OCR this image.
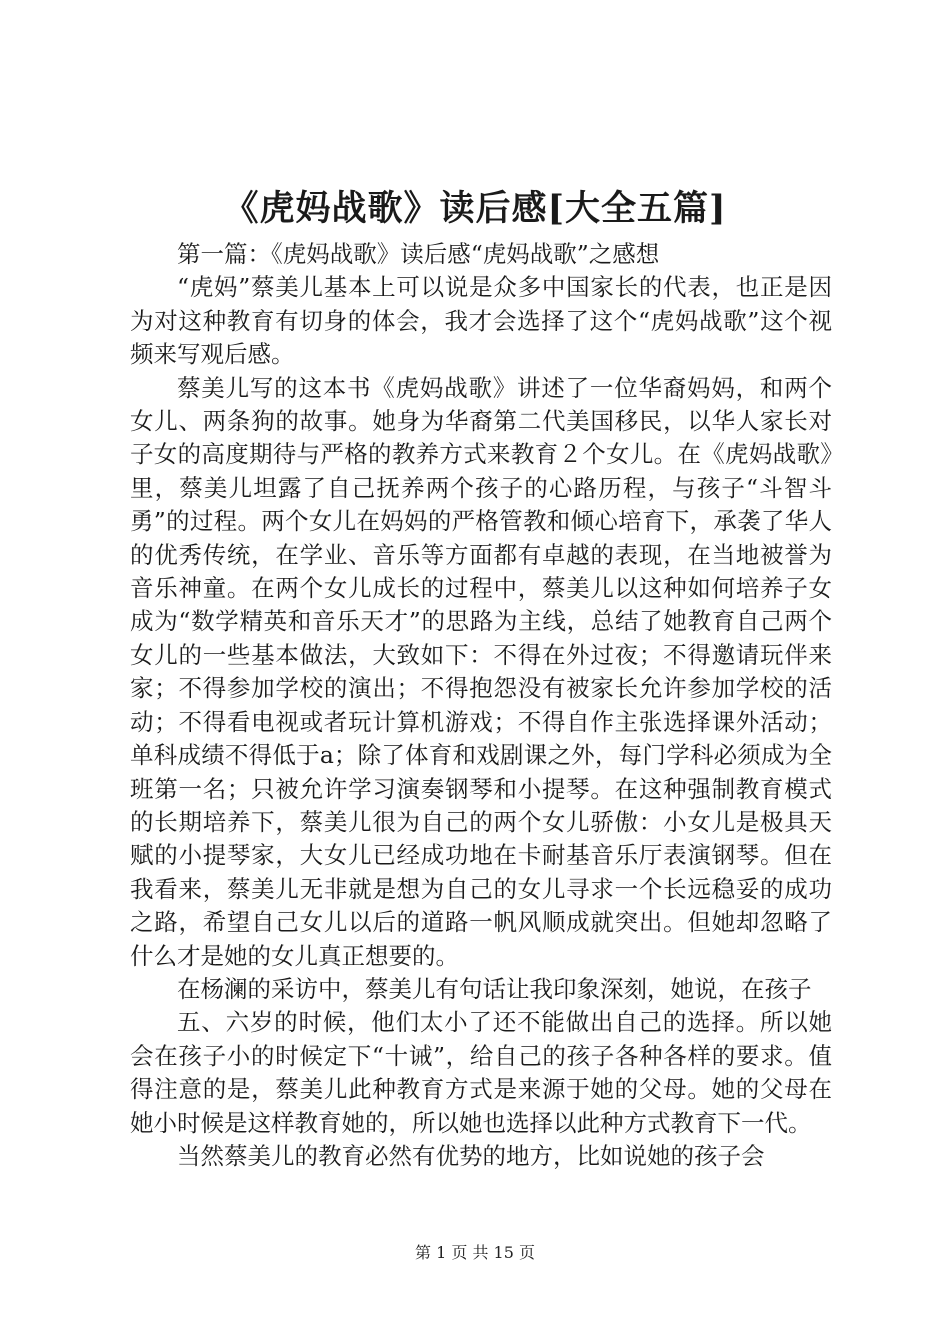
《虎妈战歌》读后感[大全五篇]

第一篇：《虎妈战歌》读后感“虎妈战歌”之感想

“虎妈”蔡美儿基本上可以说是众多中国家长的代表，也正是因为对这种教育有切身的体会，我才会选择了这个“虎妈战歌”这个视频来写观后感。

蔡美儿写的这本书《虎妈战歌》讲述了一位华裔妈妈，和两个女儿、两条狗的故事。她身为华裔第二代美国移民，以华人家长对子女的高度期待与严格的教养方式来教育２个女儿。在《虎妈战歌》里，蔡美儿坦露了自己抚养两个孩子的心路历程，与孩子“斗智斗勇”的过程。两个女儿在妈妈的严格管教和倾心培育下，承袭了华人的优秀传统，在学业、音乐等方面都有卓越的表现，在当地被誉为音乐神童。在两个女儿成长的过程中，蔡美儿以这种如何培养子女成为“数学精英和音乐天才”的思路为主线，总结了她教育自己两个女儿的一些基本做法，大致如下：不得在外过夜；不得邀请玩伴来家；不得参加学校的演出；不得抱怨没有被家长允许参加学校的活动；不得看电视或者玩计算机游戏；不得自作主张选择课外活动；单科成绩不得低于a；除了体育和戏剧课之外，每门学科必须成为全班第一名；只被允许学习演奏钢琴和小提琴。在这种强制教育模式的长期培养下，蔡美儿很为自己的两个女儿骄傲：小女儿是极具天赋的小提琴家，大女儿已经成功地在卡耐基音乐厅表演钢琴。但在我看来，蔡美儿无非就是想为自己的女儿寻求一个长远稳妥的成功之路，希望自己女儿以后的道路一帆风顺成就突出。但她却忽略了什么才是她的女儿真正想要的。

在杨澜的采访中，蔡美儿有句话让我印象深刻，她说，在孩子

五、六岁的时候，他们太小了还不能做出自己的选择。所以她会在孩子小的时候定下“十诫”，给自己的孩子各种各样的要求。值得注意的是，蔡美儿此种教育方式是来源于她的父母。她的父母在她小时候是这样教育她的，所以她也选择以此种方式教育下一代。

当然蔡美儿的教育必然有优势的地方，比如说她的孩子会

第 1 页 共 15 页
